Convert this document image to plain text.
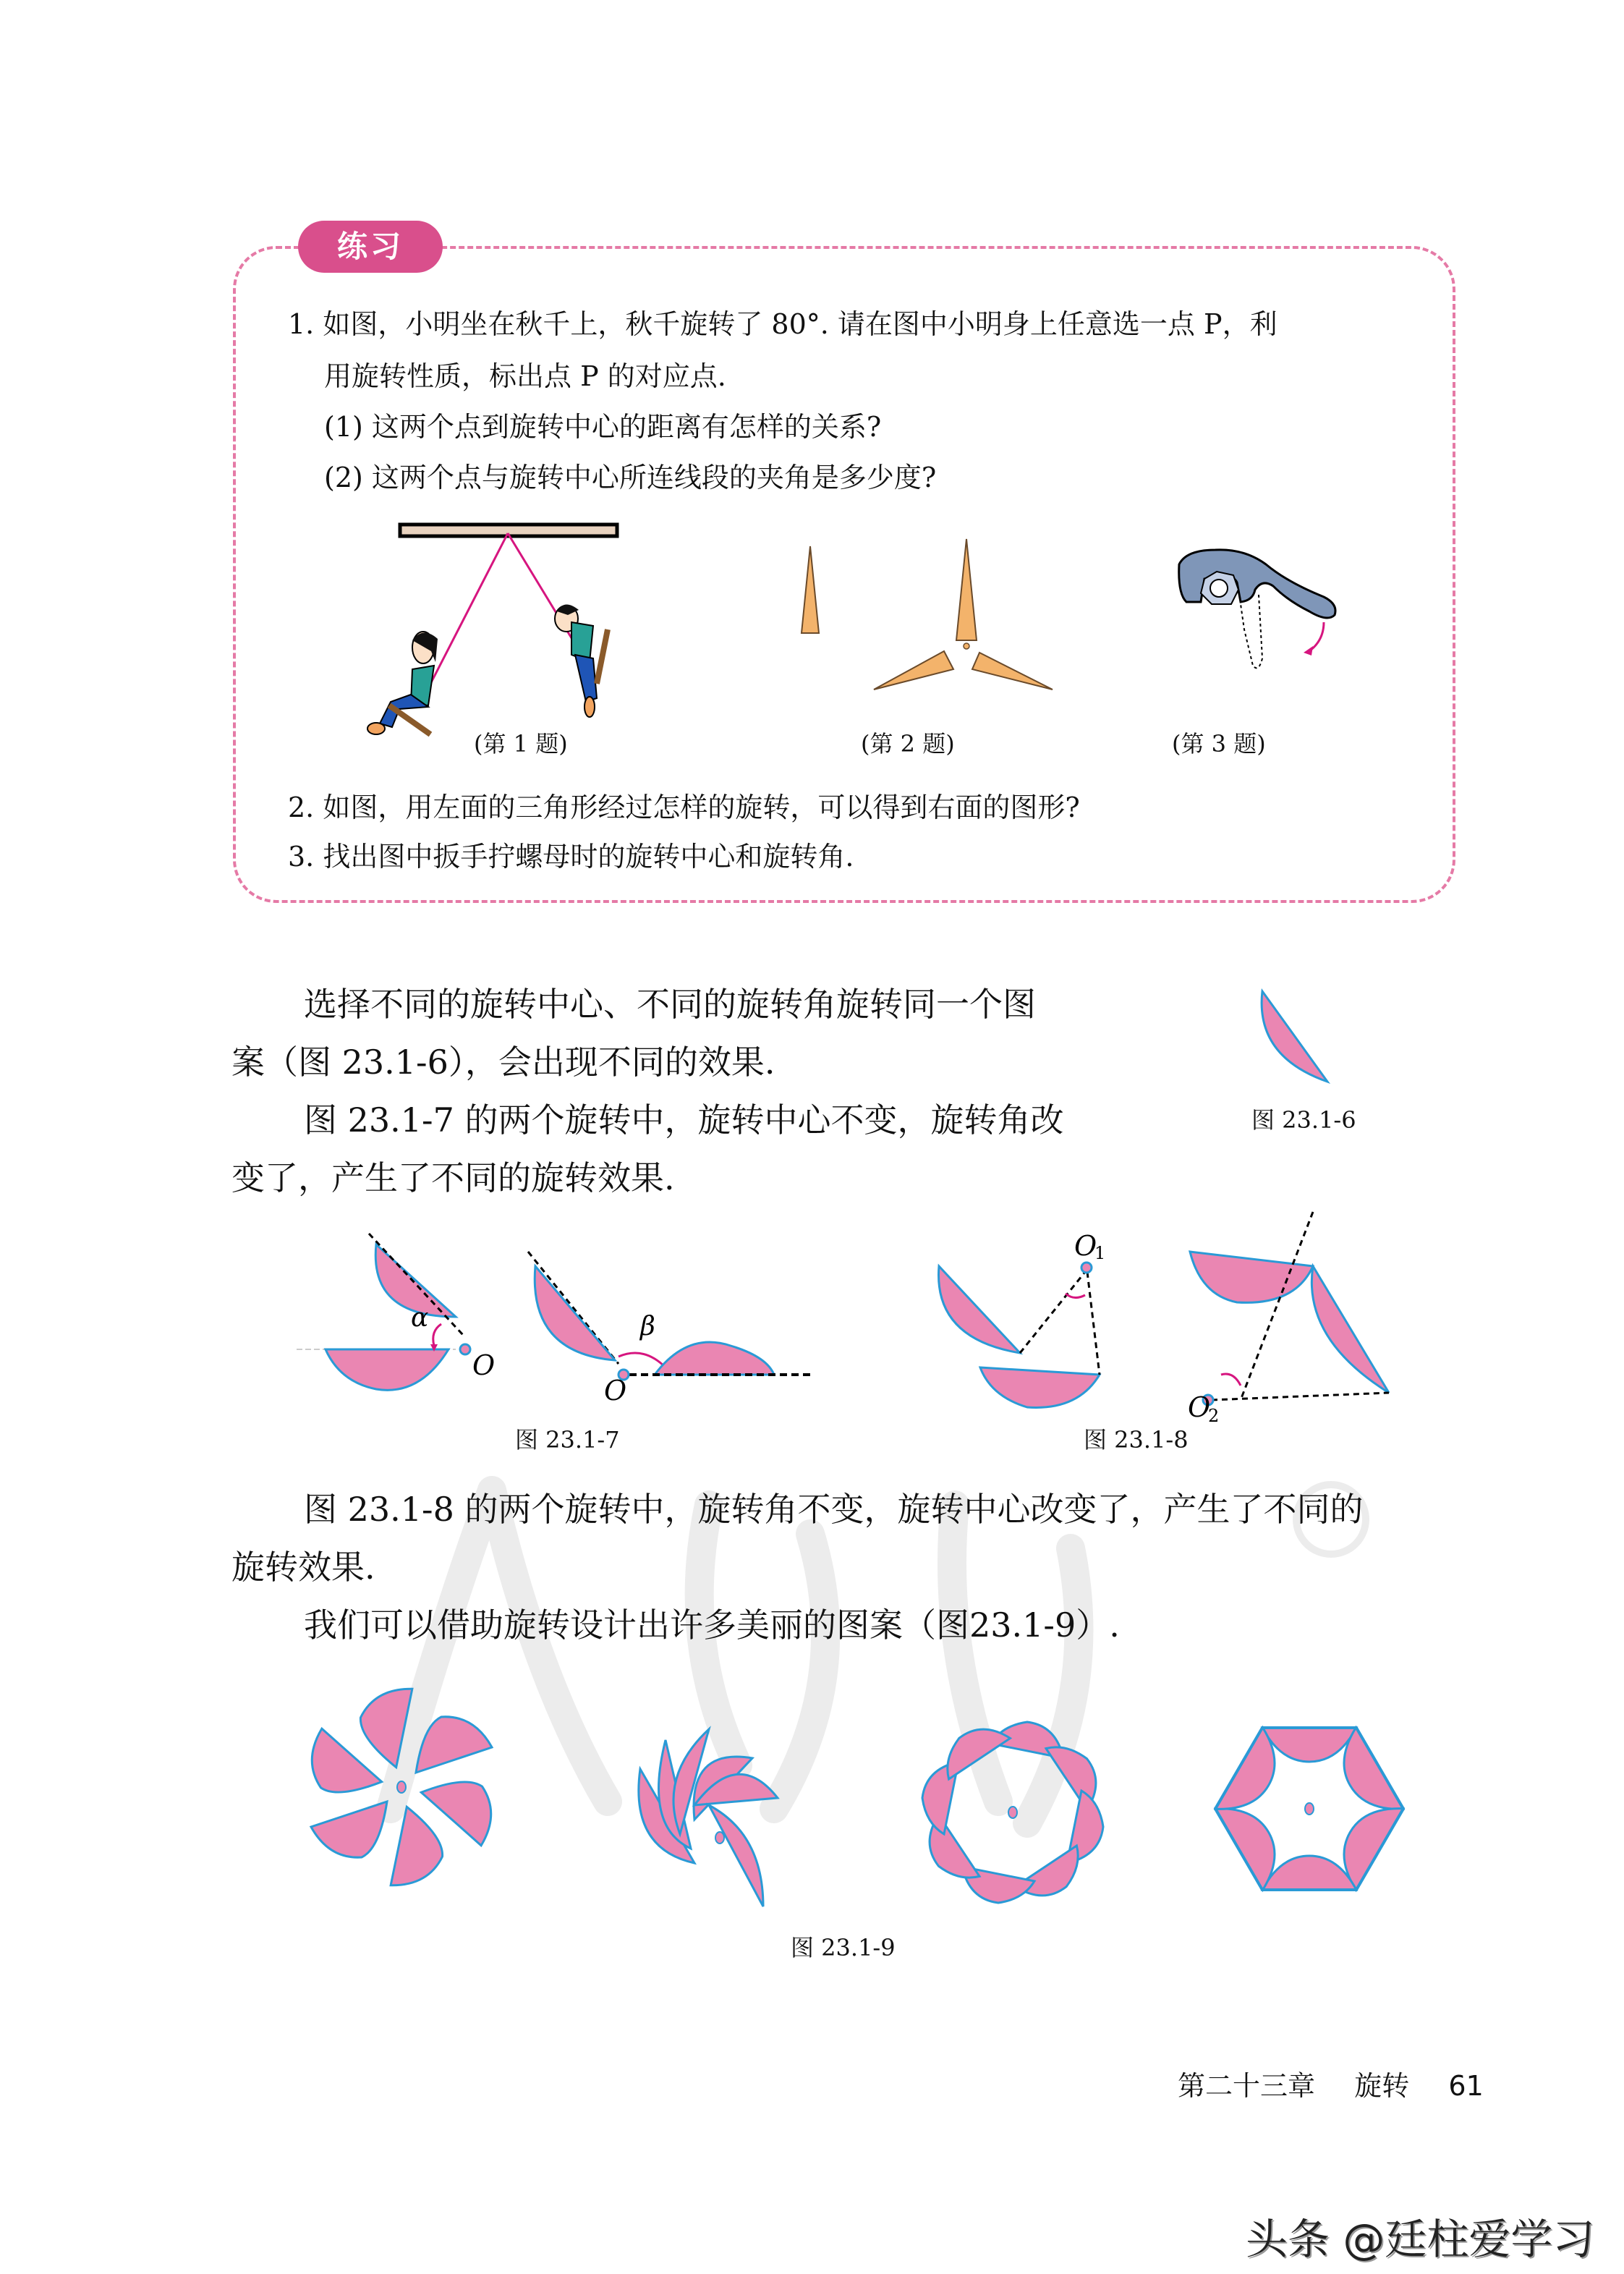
练习
1. 如图，小明坐在秋千上，秋千旋转了 80°. 请在图中小明身上任意选一点 P，利
用旋转性质，标出点 P 的对应点.
(1) 这两个点到旋转中心的距离有怎样的关系?
(2) 这两个点与旋转中心所连线段的夹角是多少度?
(第 1 题)	(第 2 题)	(第 3 题)
2. 如图，用左面的三角形经过怎样的旋转，可以得到右面的图形?
3. 找出图中扳手拧螺母时的旋转中心和旋转角.
选择不同的旋转中心、不同的旋转角旋转同一个图
案（图 23.1-6），会出现不同的效果.
图 23.1-7 的两个旋转中，旋转中心不变，旋转角改
变了，产生了不同的旋转效果.
图 23.1-6
α
O
β
O
图 23.1-7
O
1
O
2
图 23.1-8
图 23.1-8 的两个旋转中，旋转角不变，旋转中心改变了，产生了不同的
旋转效果.
我们可以借助旋转设计出许多美丽的图案（图23.1-9）.
图 23.1-9
第二十三章 旋转 61
头条 @廷柱爱学习
